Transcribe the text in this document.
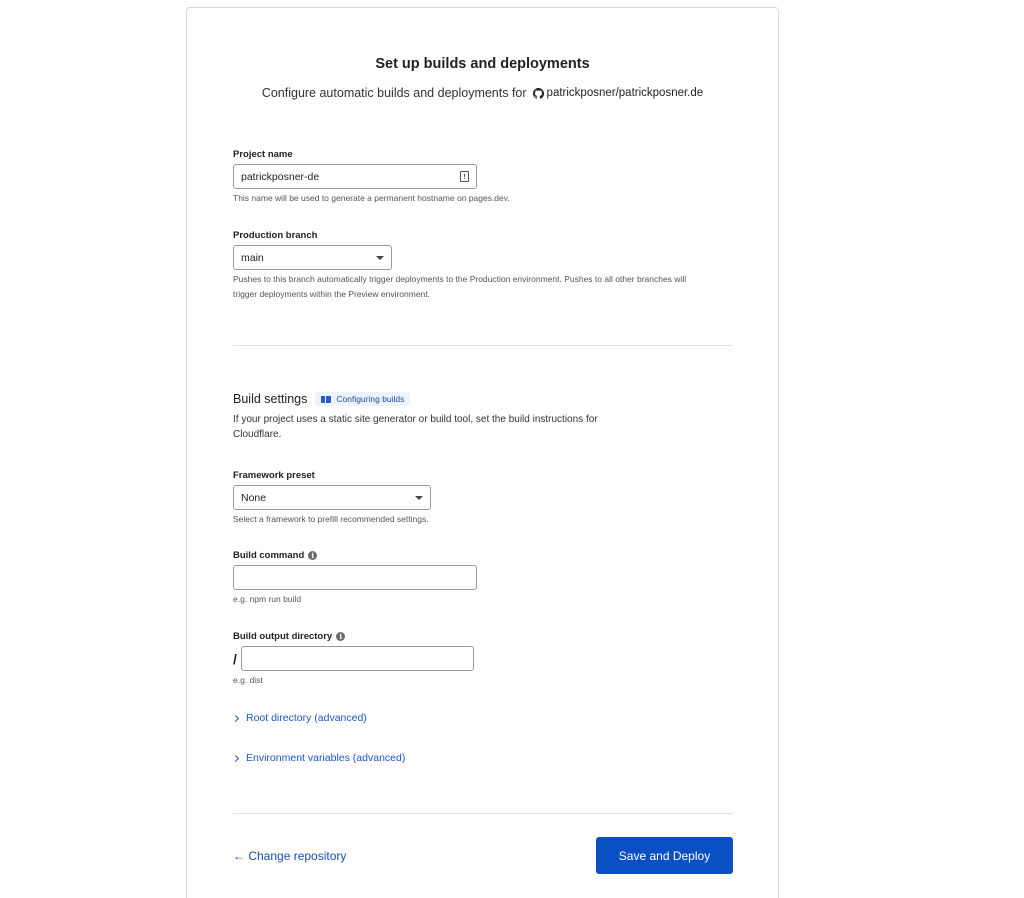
Set up builds and deployments
Configure automatic builds and deployments for patrickposner/patrickposner.de
Project name
patrickposner-de
This name will be used to generate a permanent hostname on pages.dev.
Production branch
main
Pushes to this branch automatically trigger deployments to the Production environment. Pushes to all other branches will trigger deployments within the Preview environment.
Build settings	Configuring builds
If your project uses a static site generator or build tool, set the build instructions for Cloudflare.
Framework preset
None
Select a framework to prefill recommended settings.
Build command	i
e.g. npm run build
Build output directory	i
/
e.g. dist
Root directory (advanced)
Environment variables (advanced)
← Change repository	Save and Deploy
